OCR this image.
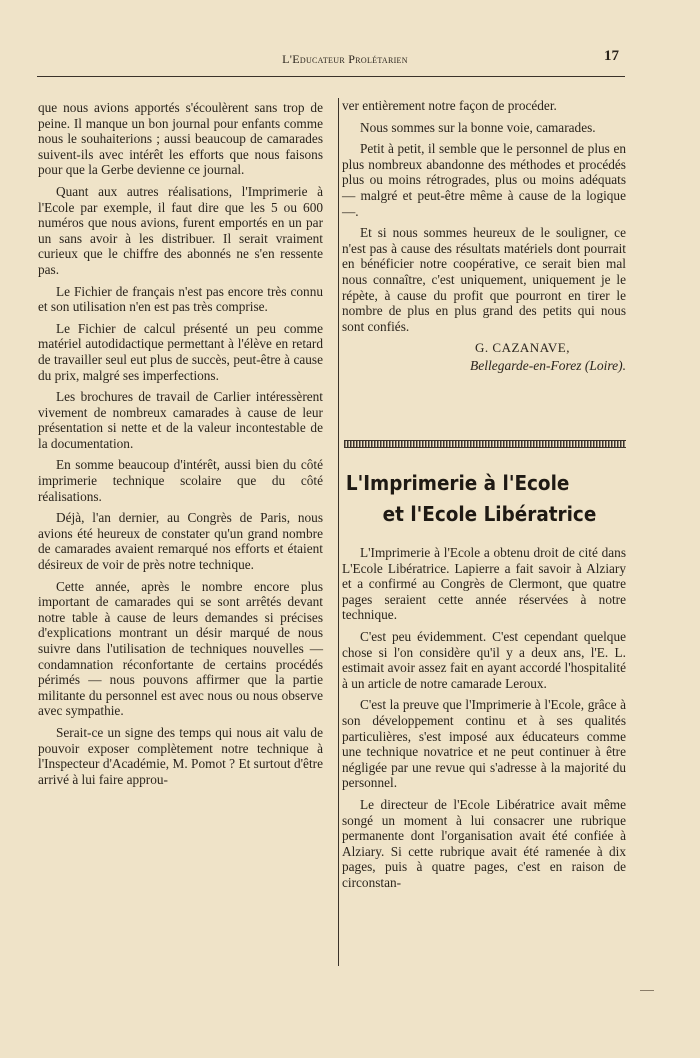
L'Educateur Prolétarien	17

que nous avions apportés s'écoulèrent sans trop de peine. Il manque un bon journal pour enfants comme nous le souhaiterions ; aussi beaucoup de camarades suivent-ils avec intérêt les efforts que nous faisons pour que la Gerbe devienne ce journal.

Quant aux autres réalisations, l'Imprimerie à l'Ecole par exemple, il faut dire que les 5 ou 600 numéros que nous avions, furent emportés en un par un sans avoir à les distribuer. Il serait vraiment curieux que le chiffre des abonnés ne s'en ressente pas.

Le Fichier de français n'est pas encore très connu et son utilisation n'en est pas très comprise.

Le Fichier de calcul présenté un peu comme matériel autodidactique permettant à l'élève en retard de travailler seul eut plus de succès, peut-être à cause du prix, malgré ses imperfections.

Les brochures de travail de Carlier intéressèrent vivement de nombreux camarades à cause de leur présentation si nette et de la valeur incontestable de la documentation.

En somme beaucoup d'intérêt, aussi bien du côté imprimerie technique scolaire que du côté réalisations.

Déjà, l'an dernier, au Congrès de Paris, nous avions été heureux de constater qu'un grand nombre de camarades avaient remarqué nos efforts et étaient désireux de voir de près notre technique.

Cette année, après le nombre encore plus important de camarades qui se sont arrêtés devant notre table à cause de leurs demandes si précises d'explications montrant un désir marqué de nous suivre dans l'utilisation de techniques nouvelles — condamnation réconfortante de certains procédés périmés — nous pouvons affirmer que la partie militante du personnel est avec nous ou nous observe avec sympathie.

Serait-ce un signe des temps qui nous ait valu de pouvoir exposer complètement notre technique à l'Inspecteur d'Académie, M. Pomot ? Et surtout d'être arrivé à lui faire approu-

ver entièrement notre façon de procéder.

Nous sommes sur la bonne voie, camarades.

Petit à petit, il semble que le personnel de plus en plus nombreux abandonne des méthodes et procédés plus ou moins rétrogrades, plus ou moins adéquats — malgré et peut-être même à cause de la logique —.

Et si nous sommes heureux de le souligner, ce n'est pas à cause des résultats matériels dont pourrait en bénéficier notre coopérative, ce serait bien mal nous connaître, c'est uniquement, uniquement je le répète, à cause du profit que pourront en tirer le nombre de plus en plus grand des petits qui nous sont confiés.

G. CAZANAVE,
Bellegarde-en-Forez (Loire).
L'Imprimerie à l'Ecole
et l'Ecole Libératrice

L'Imprimerie à l'Ecole a obtenu droit de cité dans L'Ecole Libératrice. Lapierre a fait savoir à Alziary et a confirmé au Congrès de Clermont, que quatre pages seraient cette année réservées à notre technique.

C'est peu évidemment. C'est cependant quelque chose si l'on considère qu'il y a deux ans, l'E. L. estimait avoir assez fait en ayant accordé l'hospitalité à un article de notre camarade Leroux.

C'est la preuve que l'Imprimerie à l'Ecole, grâce à son développement continu et à ses qualités particulières, s'est imposé aux éducateurs comme une technique novatrice et ne peut continuer à être négligée par une revue qui s'adresse à la majorité du personnel.

Le directeur de l'Ecole Libératrice avait même songé un moment à lui consacrer une rubrique permanente dont l'organisation avait été confiée à Alziary. Si cette rubrique avait été ramenée à dix pages, puis à quatre pages, c'est en raison de circonstan-
